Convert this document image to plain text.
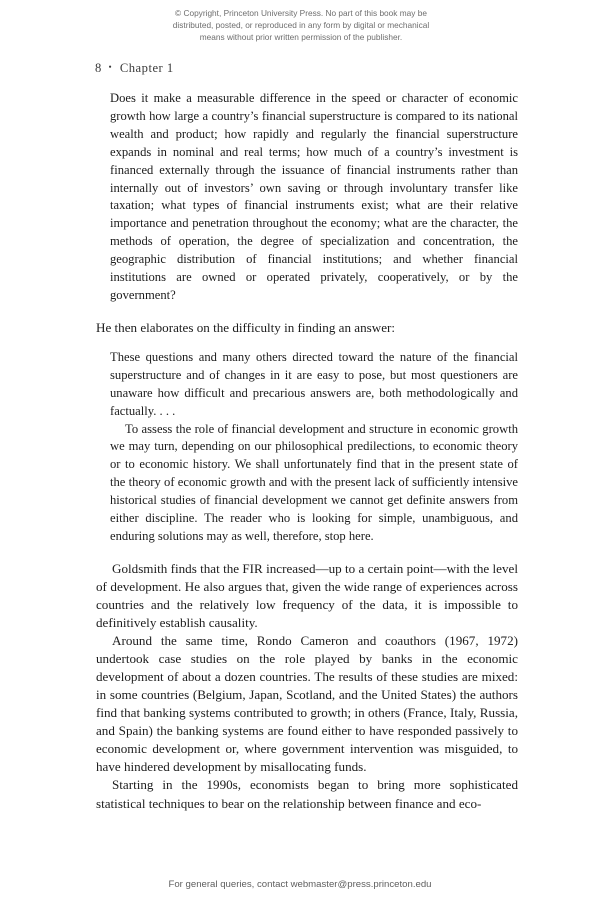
© Copyright, Princeton University Press. No part of this book may be
distributed, posted, or reproduced in any form by digital or mechanical
means without prior written permission of the publisher.
8 • Chapter 1

Does it make a measurable difference in the speed or character of economic growth how large a country’s financial superstructure is compared to its national wealth and product; how rapidly and regularly the financial superstructure expands in nominal and real terms; how much of a country’s investment is financed externally through the issuance of financial instruments rather than internally out of investors’ own saving or through involuntary transfer like taxation; what types of financial instruments exist; what are their relative importance and penetration throughout the economy; what are the character, the methods of operation, the degree of specialization and concentration, the geographic distribution of financial institutions; and whether financial institutions are owned or operated privately, cooperatively, or by the government?

He then elaborates on the difficulty in finding an answer:

These questions and many others directed toward the nature of the financial superstructure and of changes in it are easy to pose, but most questioners are unaware how difficult and precarious answers are, both methodologically and factually. . . .

To assess the role of financial development and structure in economic growth we may turn, depending on our philosophical predilections, to economic theory or to economic history. We shall unfortunately find that in the present state of the theory of economic growth and with the present lack of sufficiently intensive historical studies of financial development we cannot get definite answers from either discipline. The reader who is looking for simple, unambiguous, and enduring solutions may as well, therefore, stop here.

Goldsmith finds that the FIR increased—up to a certain point—with the level of development. He also argues that, given the wide range of experiences across countries and the relatively low frequency of the data, it is impossible to definitively establish causality.

Around the same time, Rondo Cameron and coauthors (1967, 1972) undertook case studies on the role played by banks in the economic development of about a dozen countries. The results of these studies are mixed: in some countries (Belgium, Japan, Scotland, and the United States) the authors find that banking systems contributed to growth; in others (France, Italy, Russia, and Spain) the banking systems are found either to have responded passively to economic development or, where government intervention was misguided, to have hindered development by misallocating funds.

Starting in the 1990s, economists began to bring more sophisticated statistical techniques to bear on the relationship between finance and eco-

For general queries, contact webmaster@press.princeton.edu
